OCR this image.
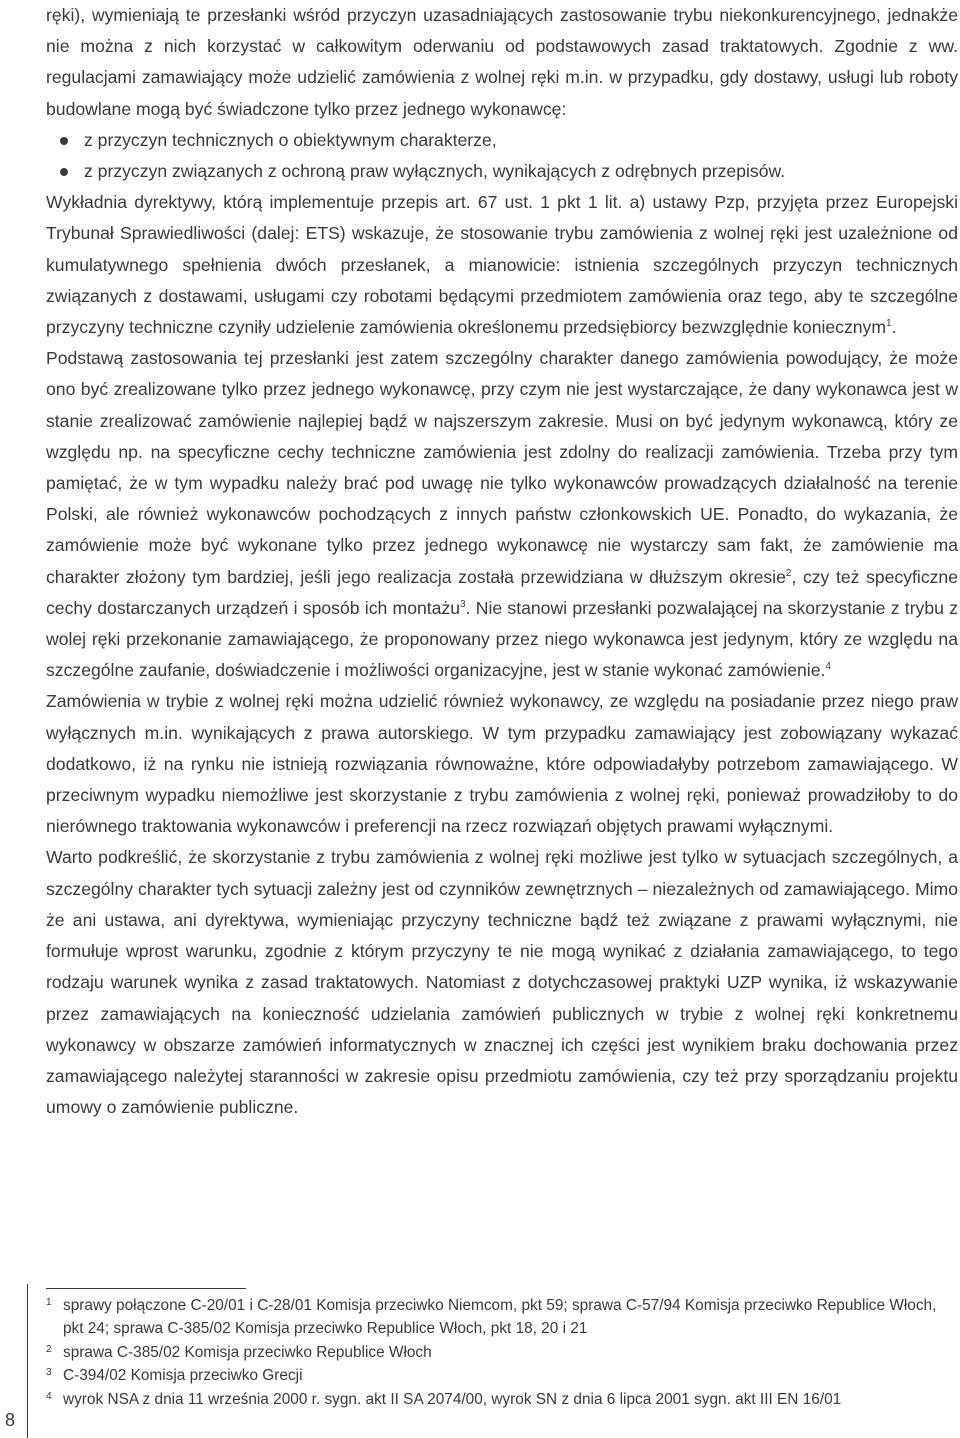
ręki), wymieniają te przesłanki wśród przyczyn uzasadniających zastosowanie trybu niekonkurencyjnego, jednakże nie można z nich korzystać w całkowitym oderwaniu od podstawowych zasad traktatowych. Zgodnie z ww. regulacjami zamawiający może udzielić zamówienia z wolnej ręki m.in. w przypadku, gdy dostawy, usługi lub roboty budowlane mogą być świadczone tylko przez jednego wykonawcę:

z przyczyn technicznych o obiektywnym charakterze,
z przyczyn związanych z ochroną praw wyłącznych, wynikających z odrębnych przepisów.

Wykładnia dyrektywy, którą implementuje przepis art. 67 ust. 1 pkt 1 lit. a) ustawy Pzp, przyjęta przez Europejski Trybunał Sprawiedliwości (dalej: ETS) wskazuje, że stosowanie trybu zamówienia z wolnej ręki jest uzależnione od kumulatywnego spełnienia dwóch przesłanek, a mianowicie: istnienia szczególnych przyczyn technicznych związanych z dostawami, usługami czy robotami będącymi przedmiotem zamówienia oraz tego, aby te szczególne przyczyny techniczne czyniły udzielenie zamówienia określonemu przedsiębiorcy bezwzględnie koniecznym$^1$.

Podstawą zastosowania tej przesłanki jest zatem szczególny charakter danego zamówienia powodujący, że może ono być zrealizowane tylko przez jednego wykonawcę, przy czym nie jest wystarczające, że dany wykonawca jest w stanie zrealizować zamówienie najlepiej bądź w najszerszym zakresie. Musi on być jedynym wykonawcą, który ze względu np. na specyficzne cechy techniczne zamówienia jest zdolny do realizacji zamówienia. Trzeba przy tym pamiętać, że w tym wypadku należy brać pod uwagę nie tylko wykonawców prowadzących działalność na terenie Polski, ale również wykonawców pochodzących z innych państw członkowskich UE. Ponadto, do wykazania, że zamówienie może być wykonane tylko przez jednego wykonawcę nie wystarczy sam fakt, że zamówienie ma charakter złożony tym bardziej, jeśli jego realizacja została przewidziana w dłuższym okresie$^2$, czy też specyficzne cechy dostarczanych urządzeń i sposób ich montażu$^3$. Nie stanowi przesłanki pozwalającej na skorzystanie z trybu z wolej ręki przekonanie zamawiającego, że proponowany przez niego wykonawca jest jedynym, który ze względu na szczególne zaufanie, doświadczenie i możliwości organizacyjne, jest w stanie wykonać zamówienie.$^4$

Zamówienia w trybie z wolnej ręki można udzielić również wykonawcy, ze względu na posiadanie przez niego praw wyłącznych m.in. wynikających z prawa autorskiego. W tym przypadku zamawiający jest zobowiązany wykazać dodatkowo, iż na rynku nie istnieją rozwiązania równoważne, które odpowiadałyby potrzebom zamawiającego. W przeciwnym wypadku niemożliwe jest skorzystanie z trybu zamówienia z wolnej ręki, ponieważ prowadziłoby to do nierównego traktowania wykonawców i preferencji na rzecz rozwiązań objętych prawami wyłącznymi.

Warto podkreślić, że skorzystanie z trybu zamówienia z wolnej ręki możliwe jest tylko w sytuacjach szczególnych, a szczególny charakter tych sytuacji zależny jest od czynników zewnętrznych – niezależnych od zamawiającego. Mimo że ani ustawa, ani dyrektywa, wymieniając przyczyny techniczne bądź też związane z prawami wyłącznymi, nie formułuje wprost warunku, zgodnie z którym przyczyny te nie mogą wynikać z działania zamawiającego, to tego rodzaju warunek wynika z zasad traktatowych. Natomiast z dotychczasowej praktyki UZP wynika, iż wskazywanie przez zamawiających na konieczność udzielania zamówień publicznych w trybie z wolnej ręki konkretnemu wykonawcy w obszarze zamówień informatycznych w znacznej ich części jest wynikiem braku dochowania przez zamawiającego należytej staranności w zakresie opisu przedmiotu zamówienia, czy też przy sporządzaniu projektu umowy o zamówienie publiczne.

1 sprawy połączone C-20/01 i C-28/01 Komisja przeciwko Niemcom, pkt 59; sprawa C-57/94 Komisja przeciwko Republice Włoch, pkt 24; sprawa C-385/02 Komisja przeciwko Republice Włoch, pkt 18, 20 i 21
2 sprawa C-385/02 Komisja przeciwko Republice Włoch
3 C-394/02 Komisja przeciwko Grecji
4 wyrok NSA z dnia 11 września 2000 r. sygn. akt II SA 2074/00, wyrok SN z dnia 6 lipca 2001 sygn. akt III EN 16/01
8
